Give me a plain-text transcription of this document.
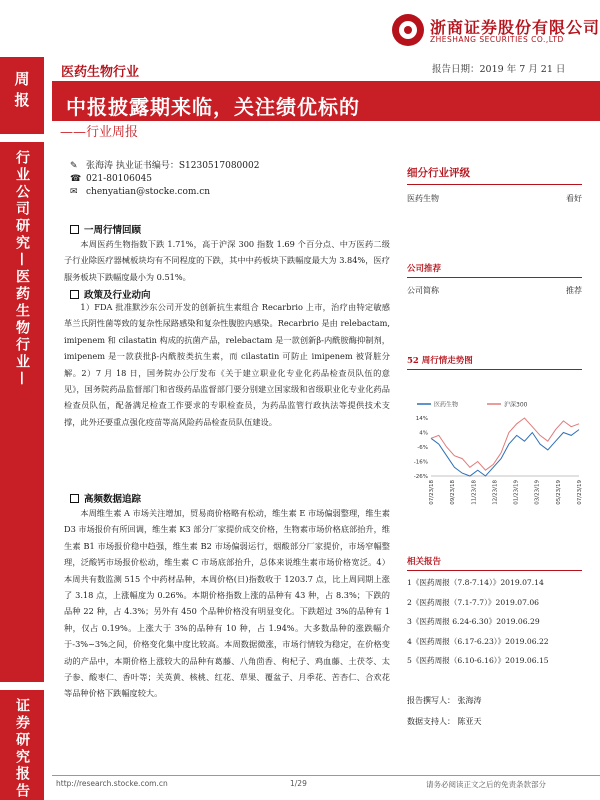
浙商证券股份有限公司
ZHESHANG SECURITIES CO.,LTD
周报
行业公司研究—医药生物行业—
证券研究报告
医药生物行业	报告日期：2019 年 7 月 21 日
中报披露期来临，关注绩优标的
——行业周报
✎ 张海涛 执业证书编号：S1230517080002
☎ 021-80106045
✉ chenyatian@stocke.com.cn
一周行情回顾
本周医药生物指数下跌 1.71%，高于沪深 300 指数 1.69 个百分点、中万医药二级子行业除医疗器械板块均有不同程度的下跌，其中中药板块下跌幅度最大为 3.84%，医疗服务板块下跌幅度最小为 0.51%。
政策及行业动向
1）FDA 批准默沙东公司开发的创新抗生素组合 Recarbrio 上市，治疗由特定敏感革兰氏阴性菌等致的复杂性尿路感染和复杂性腹腔内感染。Recarbrio 是由 relebactam, imipenem 和 cilastatin 构成的抗菌产品，relebactam 是一款创新β-内酰胺酶抑制剂，imipenem 是一款获批β-内酰胺类抗生素，而 cilastatin 可防止 imipenem 被肾脏分解。2）7 月 18 日，国务院办公厅发布《关于建立职业化专业化药品检查员队伍的意见》，国务院药品监督部门和省级药品监督部门要分别建立国家级和省级职业化专业化药品检查员队伍，配备满足检查工作要求的专职检查员，为药品监管行政执法等提供技术支撑，此外还要重点强化疫苗等高风险药品检查员队伍建设。
高频数据追踪
本周维生素 A 市场关注增加，贸易商价格略有松动，维生素 E 市场偏弱整理，维生素 D3 市场报价有所回调，维生素 K3 部分厂家提价成交价格，生物素市场价格底部抬升，维生素 B1 市场报价稳中趋强，维生素 B2 市场偏弱运行，烟酸部分厂家提价，市场窄幅整理，泛酸钙市场报价松动，维生素 C 市场底部抬升，总体来说维生素市场价格宽泛。4）本周共有数监测 515 个中药材品种，本周价格(日)指数收于 1203.7 点，比上周同期上涨了 3.18 点，上涨幅度为 0.26%。本期价格指数上涨的品种有 43 种，占 8.3%；下跌的品种 22 种，占 4.3%；另外有 450 个品种价格没有明显变化。下跌超过 3%的品种有 1 种，仅占 0.19%。上涨大于 3%的品种有 10 种，占 1.94%。大多数品种的涨跌幅介于-3%~3%之间，价格变化集中度比较高。本周数据微涨，市场行情较为稳定，在价格变动的产品中，本期价格上涨较大的品种有葛藤、八角茴香、枸杞子、鸡血藤、土茯苓、太子参、酸枣仁、香叶等；关英黄、核桃、红花、草果、覆盆子、月季花、苦杏仁、合欢花等品种价格下跌幅度较大。
细分行业评级
医药生物	看好
公司推荐
公司简称	推荐
52 周行情走势图
医药生物	沪深300
14%
4%
-6%
-16%
-26%
07/23/18	09/23/18	11/23/18	12/23/18	01/23/19	03/23/19	05/23/19	07/23/19
相关报告
1《医药周报（7.8-7.14）》2019.07.14
2《医药周报（7.1-7.7）》2019.07.06
3《医药周报 6.24-6.30》2019.06.29
4《医药周报（6.17-6.23）》2019.06.22
5《医药周报（6.10-6.16）》2019.06.15
报告撰写人： 张海涛
数据支持人： 陈亚天
http://research.stocke.com.cn	1/29	请务必阅读正文之后的免责条款部分
